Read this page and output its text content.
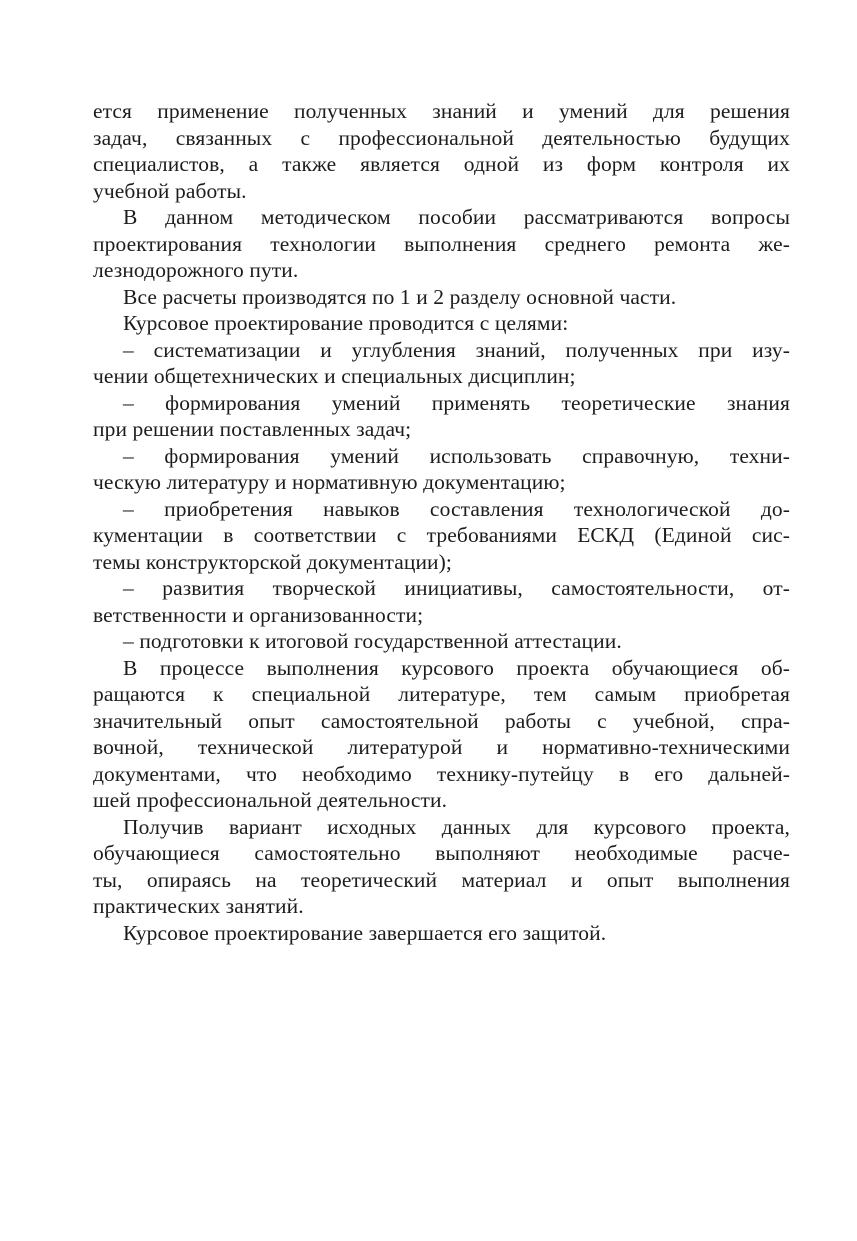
ется применение полученных знаний и умений для решения
задач, связанных с профессиональной деятельностью будущих
специалистов, а также является одной из форм контроля их
учебной работы.
В данном методическом пособии рассматриваются вопросы
проектирования технологии выполнения среднего ремонта же-
лезнодорожного пути.
Все расчеты производятся по 1 и 2 разделу основной части.
Курсовое проектирование проводится с целями:
– систематизации и углубления знаний, полученных при изу-
чении общетехнических и специальных дисциплин;
– формирования умений применять теоретические знания
при решении поставленных задач;
– формирования умений использовать справочную, техни-
ческую литературу и нормативную документацию;
– приобретения навыков составления технологической до-
кументации в соответствии с требованиями ЕСКД (Единой сис-
темы конструкторской документации);
– развития творческой инициативы, самостоятельности, от-
ветственности и организованности;
– подготовки к итоговой государственной аттестации.
В процессе выполнения курсового проекта обучающиеся об-
ращаются к специальной литературе, тем самым приобретая
значительный опыт самостоятельной работы с учебной, спра-
вочной, технической литературой и нормативно-техническими
документами, что необходимо технику-путейцу в его дальней-
шей профессиональной деятельности.
Получив вариант исходных данных для курсового проекта,
обучающиеся самостоятельно выполняют необходимые расче-
ты, опираясь на теоретический материал и опыт выполнения
практических занятий.
Курсовое проектирование завершается его защитой.
